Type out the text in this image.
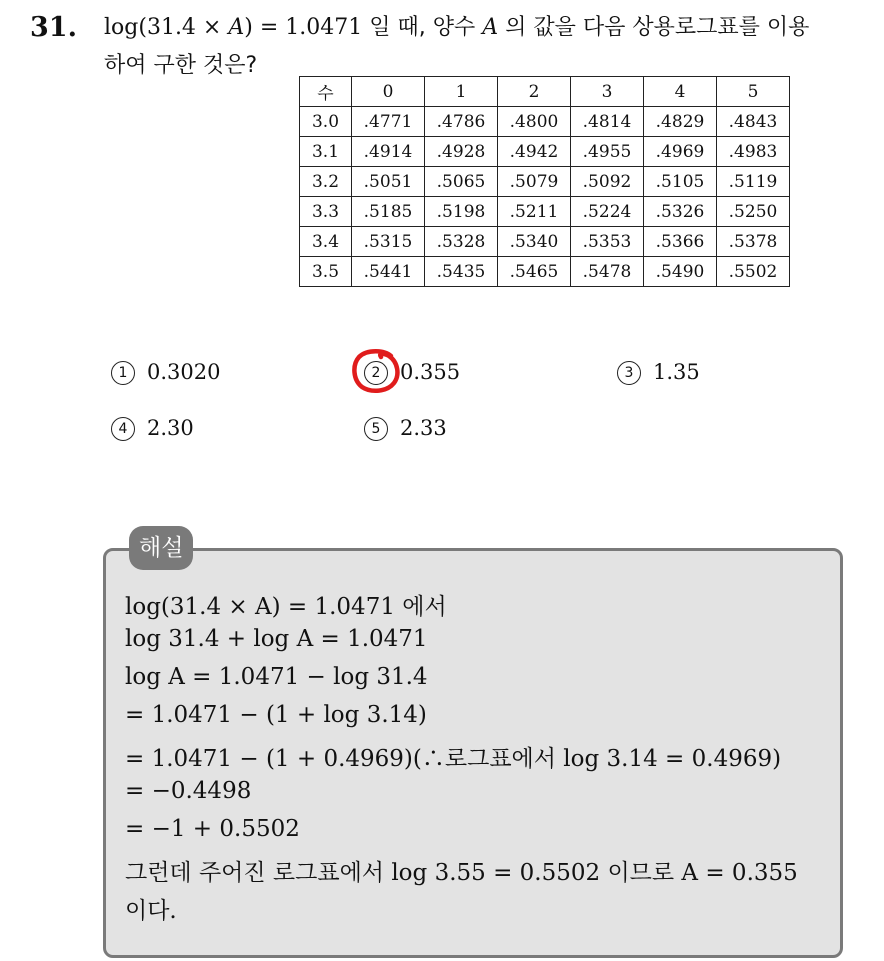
31. log(31.4 × A) = 1.0471 일 때, 양수 A 의 값을 다음 상용로그표를 이용
하여 구한 것은?
수	0	1	2	3	4	5
3.0	.4771	.4786	.4800	.4814	.4829	.4843
3.1	.4914	.4928	.4942	.4955	.4969	.4983
3.2	.5051	.5065	.5079	.5092	.5105	.5119
3.3	.5185	.5198	.5211	.5224	.5326	.5250
3.4	.5315	.5328	.5340	.5353	.5366	.5378
3.5	.5441	.5435	.5465	.5478	.5490	.5502
1 0.3020	2 0.355	3 1.35
4 2.30	5 2.33
해설
log(31.4 × A) = 1.0471 에서
log 31.4 + log A = 1.0471
log A = 1.0471 − log 31.4
= 1.0471 − (1 + log 3.14)
= 1.0471 − (1 + 0.4969)(∴로그표에서 log 3.14 = 0.4969)
= −0.4498
= −1 + 0.5502
그런데 주어진 로그표에서 log 3.55 = 0.5502 이므로 A = 0.355
이다.
